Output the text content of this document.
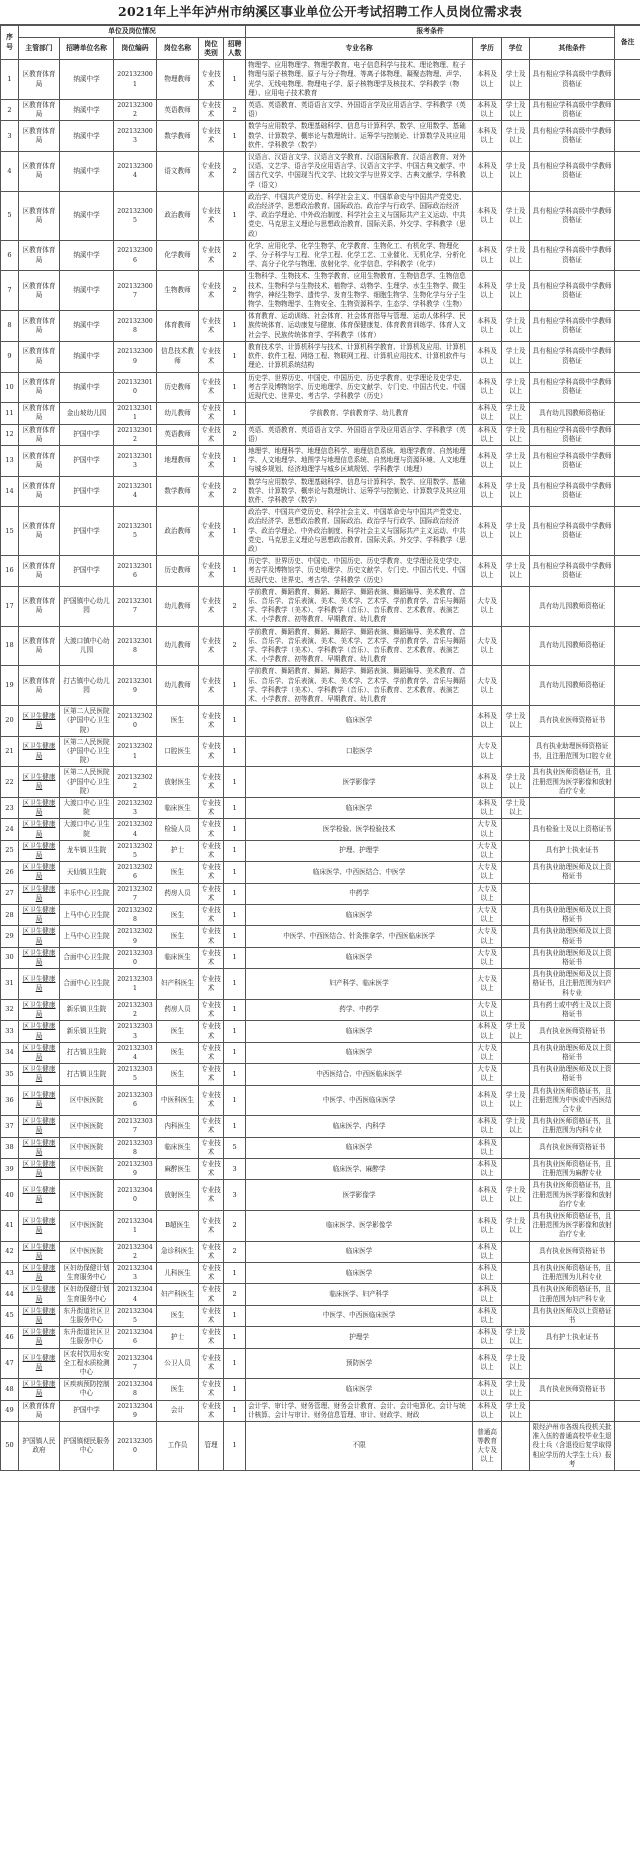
2021年上半年泸州市纳溪区事业单位公开考试招聘工作人员岗位需求表
序号	单位及岗位情况						报考条件				备注
	主管部门	招聘单位名称	岗位编码	岗位名称	岗位类别	招聘人数	专业名称	学历	学位	其他条件	
1	区教育体育局	纳溪中学	2021323001	物理教师	专业技术	1	物理学、应用物理学、物理学教育、电子信息科学与技术、理论物理、粒子物理与原子核物理、原子与分子物理、等离子体物理、凝聚态物理、声学、光学、无线电物理、物理电子学、原子核物理学及核技术、学科教学（物理）、应用电子技术教育	本科及以上	学士及以上	具有相应学科高级中学教师资格证	
2	区教育体育局	纳溪中学	2021323002	英语教师	专业技术	2	英语、英语教育、英语语言文学、外国语言学及应用语言学、学科教学（英语）	本科及以上	学士及以上	具有相应学科高级中学教师资格证	
3	区教育体育局	纳溪中学	2021323003	数学教师	专业技术	1	数学与应用数学、数理基础科学、信息与计算科学、数学、应用数学、基础数学、计算数学、概率论与数理统计、运筹学与控制论、计算数学及其应用软件、学科教学（数学）	本科及以上	学士及以上	具有相应学科高级中学教师资格证	
4	区教育体育局	纳溪中学	2021323004	语文教师	专业技术	2	汉语言、汉语言文学、汉语言文学教育、汉语国际教育、汉语言教育、对外汉语、文艺学、语言学及应用语言学、汉语言文字学、中国古典文献学、中国古代文学、中国现当代文学、比较文学与世界文学、古典文献学、学科教学（语文）	本科及以上	学士及以上	具有相应学科高级中学教师资格证	
5	区教育体育局	纳溪中学	2021323005	政治教师	专业技术	1	政治学、中国共产党历史、科学社会主义、中国革命史与中国共产党党史、政治经济学、思想政治教育、国际政治、政治学与行政学、国际政治经济学、政治学理论、中外政治制度、科学社会主义与国际共产主义运动、中共党史、马克思主义理论与思想政治教育、国际关系、外交学、学科教学（思政）	本科及以上	学士及以上	具有相应学科高级中学教师资格证	
6	区教育体育局	纳溪中学	2021323006	化学教师	专业技术	2	化学、应用化学、化学生物学、化学教育、生物化工、有机化学、物理化学、分子科学与工程、化学工程、化学工艺、工业催化、无机化学、分析化学、高分子化学与物理、放射化学、化学信息、学科教学（化学）	本科及以上	学士及以上	具有相应学科高级中学教师资格证	
7	区教育体育局	纳溪中学	2021323007	生物教师	专业技术	2	生物科学、生物技术、生物学教育、应用生物教育、生物信息学、生物信息技术、生物科学与生物技术、植物学、动物学、生理学、水生生物学、微生物学、神经生物学、遗传学、发育生物学、细胞生物学、生物化学与分子生物学、生物物理学、生物安全、生物资源科学、生态学、学科教学（生物）	本科及以上	学士及以上	具有相应学科高级中学教师资格证	
8	区教育体育局	纳溪中学	2021323008	体育教师	专业技术	1	体育教育、运动训练、社会体育、社会体育指导与管理、运动人体科学、民族传统体育、运动康复与健康、体育保健康复、体育教育训练学、体育人文社会学、民族传统体育学、学科教学（体育）	本科及以上	学士及以上	具有相应学科高级中学教师资格证	
9	区教育体育局	纳溪中学	2021323009	信息技术教师	专业技术	1	教育技术学、计算机科学与技术、计算机科学教育、计算机及应用、计算机软件、软件工程、网络工程、物联网工程、计算机应用技术、计算机软件与理论、计算机系统结构	本科及以上	学士及以上	具有相应学科高级中学教师资格证	
10	区教育体育局	纳溪中学	2021323010	历史教师	专业技术	1	历史学、世界历史、中国史、中国历史、历史学教育、史学理论及史学史、考古学及博物馆学、历史地理学、历史文献学、专门史、中国古代史、中国近现代史、世界史、考古学、学科教学（历史）	本科及以上	学士及以上	具有相应学科高级中学教师资格证	
11	区教育体育局	金山坡幼儿园	2021323011	幼儿教师	专业技术	1	学前教育、学前教育学、幼儿教育	本科及以上	学士及以上	具有幼儿园教师资格证	
12	区教育体育局	护国中学	2021323012	英语教师	专业技术	2	英语、英语教育、英语语言文学、外国语言学及应用语言学、学科教学（英语）	本科及以上	学士及以上	具有相应学科高级中学教师资格证	
13	区教育体育局	护国中学	2021323013	地理教师	专业技术	1	地理学、地理科学、地理信息科学、地理信息系统、地理学教育、自然地理学、人文地理学、地图学与地理信息系统、自然地理与资源环境、人文地理与城乡规划、经济地理学与城乡区域规划、学科教学（地理）	本科及以上	学士及以上	具有相应学科高级中学教师资格证	
14	区教育体育局	护国中学	2021323014	数学教师	专业技术	2	数学与应用数学、数理基础科学、信息与计算科学、数学、应用数学、基础数学、计算数学、概率论与数理统计、运筹学与控制论、计算数学及其应用软件、学科教学（数学）	本科及以上	学士及以上	具有相应学科高级中学教师资格证	
15	区教育体育局	护国中学	2021323015	政治教师	专业技术	1	政治学、中国共产党历史、科学社会主义、中国革命史与中国共产党党史、政治经济学、思想政治教育、国际政治、政治学与行政学、国际政治经济学、政治学理论、中外政治制度、科学社会主义与国际共产主义运动、中共党史、马克思主义理论与思想政治教育、国际关系、外交学、学科教学（思政）	本科及以上	学士及以上	具有相应学科高级中学教师资格证	
16	区教育体育局	护国中学	2021323016	历史教师	专业技术	1	历史学、世界历史、中国史、中国历史、历史学教育、史学理论及史学史、考古学及博物馆学、历史地理学、历史文献学、专门史、中国古代史、中国近现代史、世界史、考古学、学科教学（历史）	本科及以上	学士及以上	具有相应学科高级中学教师资格证	
17	区教育体育局	护国镇中心幼儿园	2021323017	幼儿教师	专业技术	2	学前教育、舞蹈教育、舞蹈、舞蹈学、舞蹈表演、舞蹈编导、美术教育、音乐、音乐学、音乐表演、美术、美术学、艺术学、学前教育学、音乐与舞蹈学、学科教学（美术）、学科教学（音乐）、音乐教育、艺术教育、表演艺术、小学教育、初等教育、早期教育、幼儿教育	大专及以上		具有幼儿园教师资格证	
18	区教育体育局	大渡口镇中心幼儿园	2021323018	幼儿教师	专业技术	2	学前教育、舞蹈教育、舞蹈、舞蹈学、舞蹈表演、舞蹈编导、美术教育、音乐、音乐学、音乐表演、美术、美术学、艺术学、学前教育学、音乐与舞蹈学、学科教学（美术）、学科教学（音乐）、音乐教育、艺术教育、表演艺术、小学教育、初等教育、早期教育、幼儿教育	大专及以上		具有幼儿园教师资格证	
19	区教育体育局	打古镇中心幼儿园	2021323019	幼儿教师	专业技术	1	学前教育、舞蹈教育、舞蹈、舞蹈学、舞蹈表演、舞蹈编导、美术教育、音乐、音乐学、音乐表演、美术、美术学、艺术学、学前教育学、音乐与舞蹈学、学科教学（美术）、学科教学（音乐）、音乐教育、艺术教育、表演艺术、小学教育、初等教育、早期教育、幼儿教育	大专及以上		具有幼儿园教师资格证	
20	区卫生健康局	区第二人民医院（护国中心卫生院）	2021323020	医生	专业技术	1	临床医学	本科及以上	学士及以上	具有执业医师资格证书	
21	区卫生健康局	区第二人民医院（护国中心卫生院）	2021323021	口腔医生	专业技术	1	口腔医学	大专及以上		具有执业助理医师资格证书，且注册范围为口腔专业	
22	区卫生健康局	区第二人民医院（护国中心卫生院）	2021323022	放射医生	专业技术	1	医学影像学	本科及以上	学士及以上	具有执业医师资格证书，且注册范围为医学影像和放射治疗专业	
23	区卫生健康局	大渡口中心卫生院	2021323023	临床医生	专业技术	1	临床医学	本科及以上	学士及以上		
24	区卫生健康局	大渡口中心卫生院	2021323024	检验人员	专业技术	1	医学检验、医学检验技术	大专及以上		具有检验士及以上资格证书	
25	区卫生健康局	龙车镇卫生院	2021323025	护士	专业技术	1	护理、护理学	大专及以上		具有护士执业证书	
26	区卫生健康局	天仙镇卫生院	2021323026	医生	专业技术	1	临床医学、中西医结合、中医学	大专及以上		具有执业助理医师及以上资格证书	
27	区卫生健康局	丰乐中心卫生院	2021323027	药房人员	专业技术	1	中药学	大专及以上			
28	区卫生健康局	上马中心卫生院	2021323028	医生	专业技术	1	临床医学	大专及以上		具有执业助理医师及以上资格证书	
29	区卫生健康局	上马中心卫生院	2021323029	医生	专业技术	1	中医学、中西医结合、针灸推拿学、中西医临床医学	大专及以上		具有执业助理医师及以上资格证书	
30	区卫生健康局	合面中心卫生院	2021323030	临床医生	专业技术	1	临床医学	大专及以上		具有执业助理医师及以上资格证书	
31	区卫生健康局	合面中心卫生院	2021323031	妇产科医生	专业技术	1	妇产科学、临床医学	大专及以上		具有执业助理医师及以上资格证书，且注册范围为妇产科专业	
32	区卫生健康局	新乐镇卫生院	2021323032	药房人员	专业技术	1	药学、中药学	大专及以上		具有药士或中药士及以上资格证书	
33	区卫生健康局	新乐镇卫生院	2021323033	医生	专业技术	1	临床医学	本科及以上	学士及以上	具有执业医师资格证书	
34	区卫生健康局	打古镇卫生院	2021323034	医生	专业技术	1	临床医学	大专及以上		具有执业助理医师及以上资格证书	
35	区卫生健康局	打古镇卫生院	2021323035	医生	专业技术	1	中西医结合、中西医临床医学	大专及以上		具有执业助理医师及以上资格证书	
36	区卫生健康局	区中医医院	2021323036	中医科医生	专业技术	1	中医学、中西医临床医学	本科及以上	学士及以上	具有执业医师资格证书，且注册范围为中医或中西医结合专业	
37	区卫生健康局	区中医医院	2021323037	内科医生	专业技术	1	临床医学、内科学	本科及以上	学士及以上	具有执业医师资格证书，且注册范围为内科专业	
38	区卫生健康局	区中医医院	2021323038	临床医生	专业技术	5	临床医学	本科及以上		具有执业医师资格证书	
39	区卫生健康局	区中医医院	2021323039	麻醉医生	专业技术	3	临床医学、麻醉学	本科及以上		具有执业医师资格证书，且注册范围为麻醉专业	
40	区卫生健康局	区中医医院	2021323040	放射医生	专业技术	3	医学影像学	本科及以上	学士及以上	具有执业医师资格证书，且注册范围为医学影像和放射治疗专业	
41	区卫生健康局	区中医医院	2021323041	B超医生	专业技术	2	临床医学、医学影像学	本科及以上	学士及以上	具有执业医师资格证书，且注册范围为医学影像和放射治疗专业	
42	区卫生健康局	区中医医院	2021323042	急诊科医生	专业技术	2	临床医学	本科及以上		具有执业医师资格证书	
43	区卫生健康局	区妇幼保健计划生育服务中心	2021323043	儿科医生	专业技术	1	临床医学	本科及以上		具有执业医师资格证书，且注册范围为儿科专业	
44	区卫生健康局	区妇幼保健计划生育服务中心	2021323044	妇产科医生	专业技术	2	临床医学、妇产科学	本科及以上		具有执业医师资格证书，且注册范围为妇产科专业	
45	区卫生健康局	东升街道社区卫生服务中心	2021323045	医生	专业技术	1	中医学、中西医临床医学	本科及以上		具有执业医师及以上资格证书	
46	区卫生健康局	东升街道社区卫生服务中心	2021323046	护士	专业技术	1	护理学	本科及以上	学士及以上	具有护士执业证书	
47	区卫生健康局	区农村饮用水安全工程水质检测中心	2021323047	公卫人员	专业技术	1	预防医学	本科及以上	学士及以上		
48	区卫生健康局	区疾病预防控制中心	2021323048	医生	专业技术	1	临床医学	本科及以上	学士及以上	具有执业医师资格证书	
49	区教育体育局	护国中学	2021323049	会计	专业技术	1	会计学、审计学、财务管理、财务会计教育、会计、会计电算化、会计与统计核算、会计与审计、财务信息管理、审计、财政学、财政	本科及以上	学士及以上		
50	护国镇人民政府	护国镇便民服务中心	2021323050	工作员	管理	1	不限	普通高等教育大专及以上		限经泸州市各级兵役机关批准入伍的普通高校毕业生退役士兵（含退役后复学取得相应学历的大学生士兵）报考	
